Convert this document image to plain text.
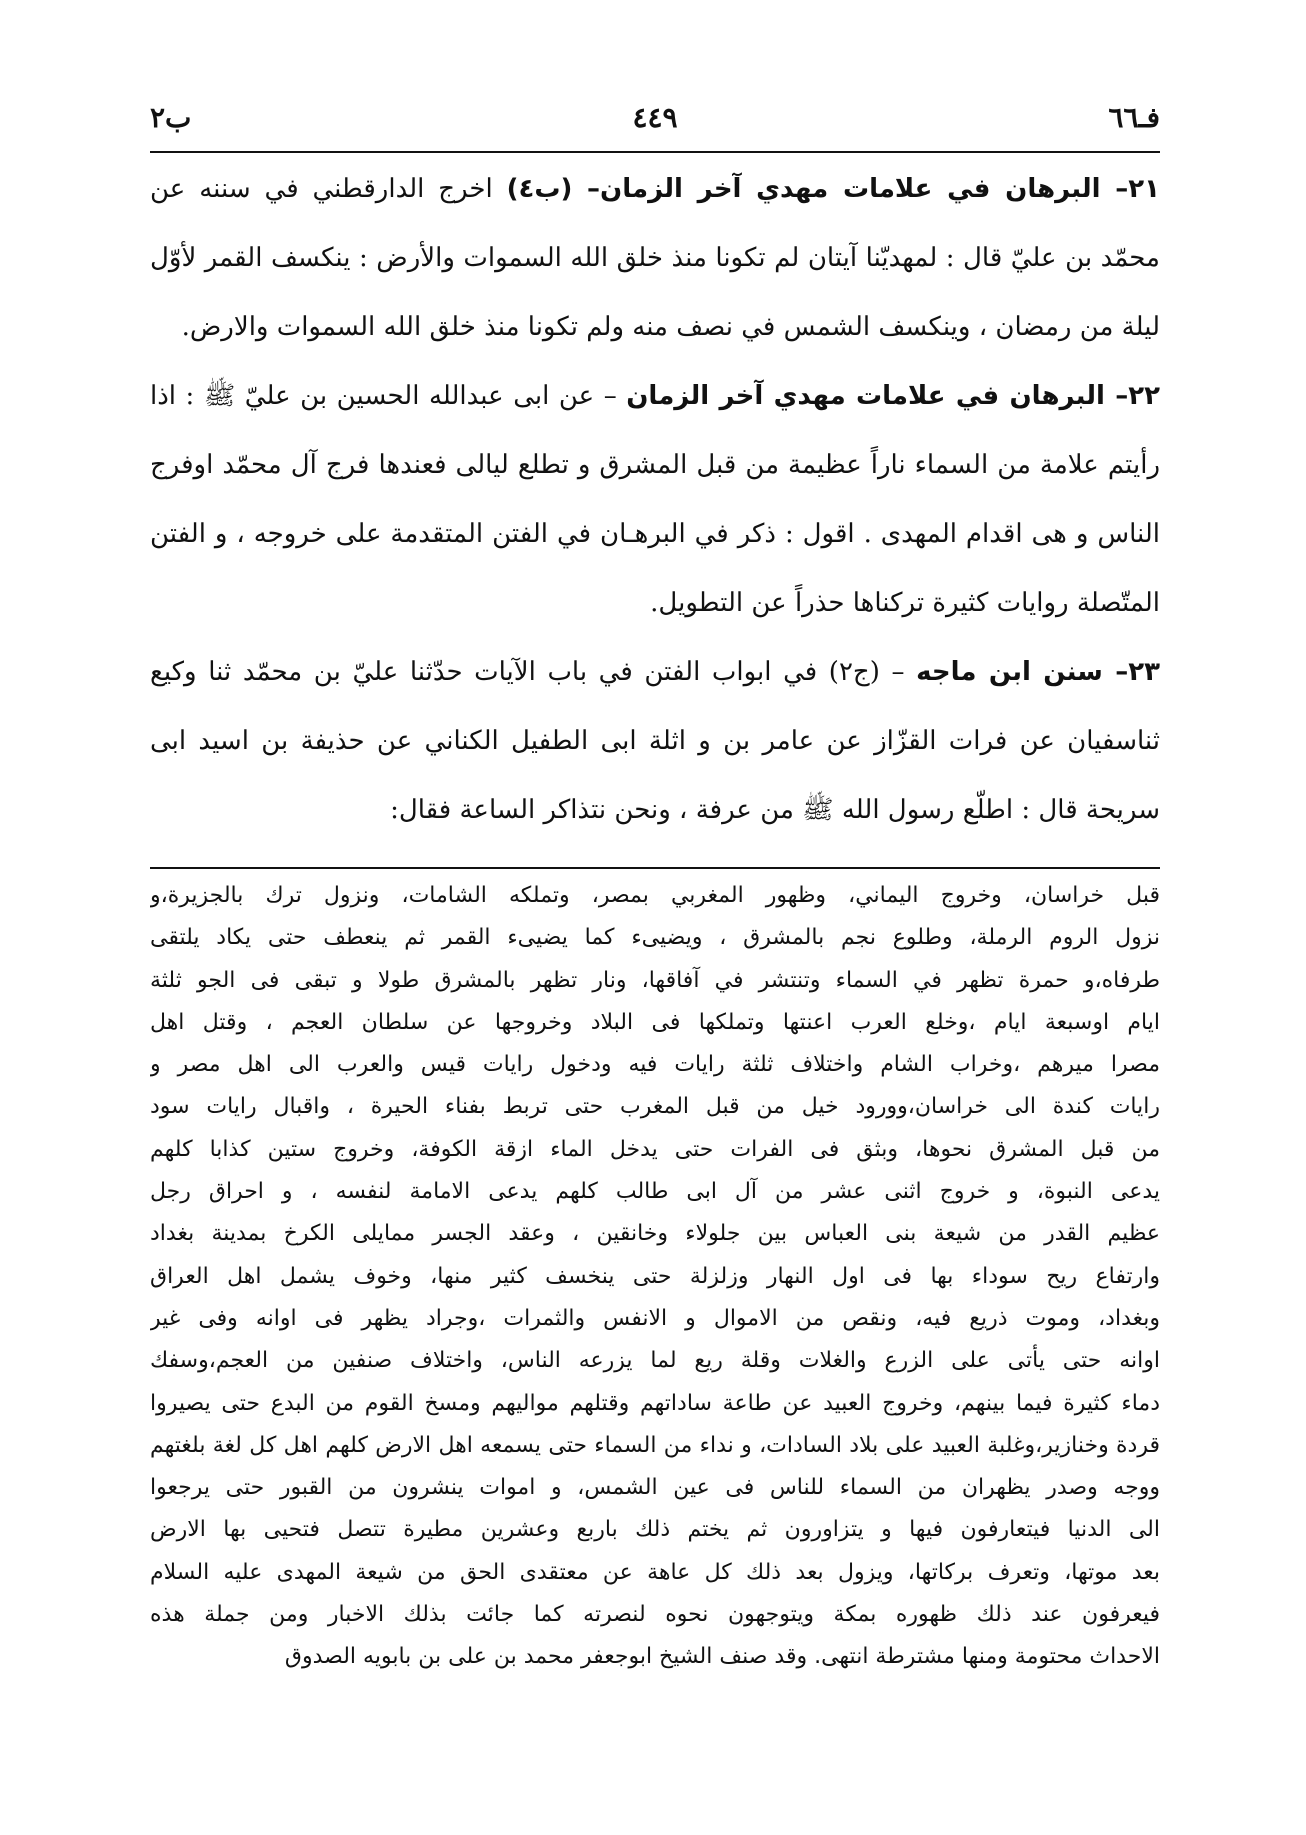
ب۲	٤٤٩	فـ٦٦

٢١– البرهان في علامات مهدي آخر الزمان– (ب٤) اخرج الدارقطني في سننه عن محمّد بن عليّ قال : لمهديّنا آيتان لم تكونا منذ خلق الله السموات والأرض : ينكسف القمر لأوّل ليلة من رمضان ، وينكسف الشمس في نصف منه ولم تكونا منذ خلق الله السموات والارض.

٢٢– البرهان في علامات مهدي آخر الزمان – عن ابى عبدالله الحسين بن عليّ ﷺ : اذا رأيتم علامة من السماء ناراً عظيمة من قبل المشرق و تطلع ليالى فعندها فرج آل محمّد اوفرج الناس و هى اقدام المهدى . اقول : ذكر في البرهـان في الفتن المتقدمة على خروجه ، و الفتن المتّصلة روايات كثيرة تركناها حذراً عن التطويل.

٢٣– سنن ابن ماجه – (ج٢) في ابواب الفتن في باب الآيات حدّثنا عليّ بن محمّد ثنا وكيع ثناسفيان عن فرات القزّاز عن عامر بن و اثلة ابى الطفيل الكناني عن حذيفة بن اسيد ابى سريحة قال : اطلّع رسول الله ﷺ من عرفة ، ونحن نتذاكر الساعة فقال:

قبل خراسان، وخروج اليماني، وظهور المغربي بمصر، وتملكه الشامات، ونزول ترك بالجزيرة،و
نزول الروم الرملة، وطلوع نجم بالمشرق ، ويضيىء كما يضيىء القمر ثم ينعطف حتى يكاد يلتقى
طرفاه،و حمرة تظهر في السماء وتنتشر في آفاقها، ونار تظهر بالمشرق طولا و تبقى فى الجو ثلثة
ايام اوسبعة ايام ،وخلع العرب اعنتها وتملكها فى البلاد وخروجها عن سلطان العجم ، وقتل اهل
مصرا ميرهم ،وخراب الشام واختلاف ثلثة رايات فيه ودخول رايات قيس والعرب الى اهل مصر و
رايات كندة الى خراسان،وورود خيل من قبل المغرب حتى تربط بفناء الحيرة ، واقبال رايات سود
من قبل المشرق نحوها، وبثق فى الفرات حتى يدخل الماء ازقة الكوفة، وخروج ستين كذابا كلهم
يدعى النبوة، و خروج اثنى عشر من آل ابى طالب كلهم يدعى الامامة لنفسه ، و احراق رجل
عظيم القدر من شيعة بنى العباس بين جلولاء وخانقين ، وعقد الجسر ممايلى الكرخ بمدينة بغداد
وارتفاع ريح سوداء بها فى اول النهار وزلزلة حتى ينخسف كثير منها، وخوف يشمل اهل العراق
وبغداد، وموت ذريع فيه، ونقص من الاموال و الانفس والثمرات ،وجراد يظهر فى اوانه وفى غير
اوانه حتى يأتى على الزرع والغلات وقلة ريع لما يزرعه الناس، واختلاف صنفين من العجم،وسفك
دماء كثيرة فيما بينهم، وخروج العبيد عن طاعة ساداتهم وقتلهم مواليهم ومسخ القوم من البدع حتى يصيروا
قردة وخنازير،وغلبة العبيد على بلاد السادات، و نداء من السماء حتى يسمعه اهل الارض كلهم اهل كل لغة بلغتهم
ووجه وصدر يظهران من السماء للناس فى عين الشمس، و اموات ينشرون من القبور حتى يرجعوا
الى الدنيا فيتعارفون فيها و يتزاورون ثم يختم ذلك باربع وعشرين مطيرة تتصل فتحيى بها الارض
بعد موتها، وتعرف بركاتها، ويزول بعد ذلك كل عاهة عن معتقدى الحق من شيعة المهدى عليه السلام
فيعرفون عند ذلك ظهوره بمكة ويتوجهون نحوه لنصرته كما جائت بذلك الاخبار ومن جملة هذه
الاحداث محتومة ومنها مشترطة انتهى. وقد صنف الشيخ ابوجعفر محمد بن على بن بابويه الصدوق
